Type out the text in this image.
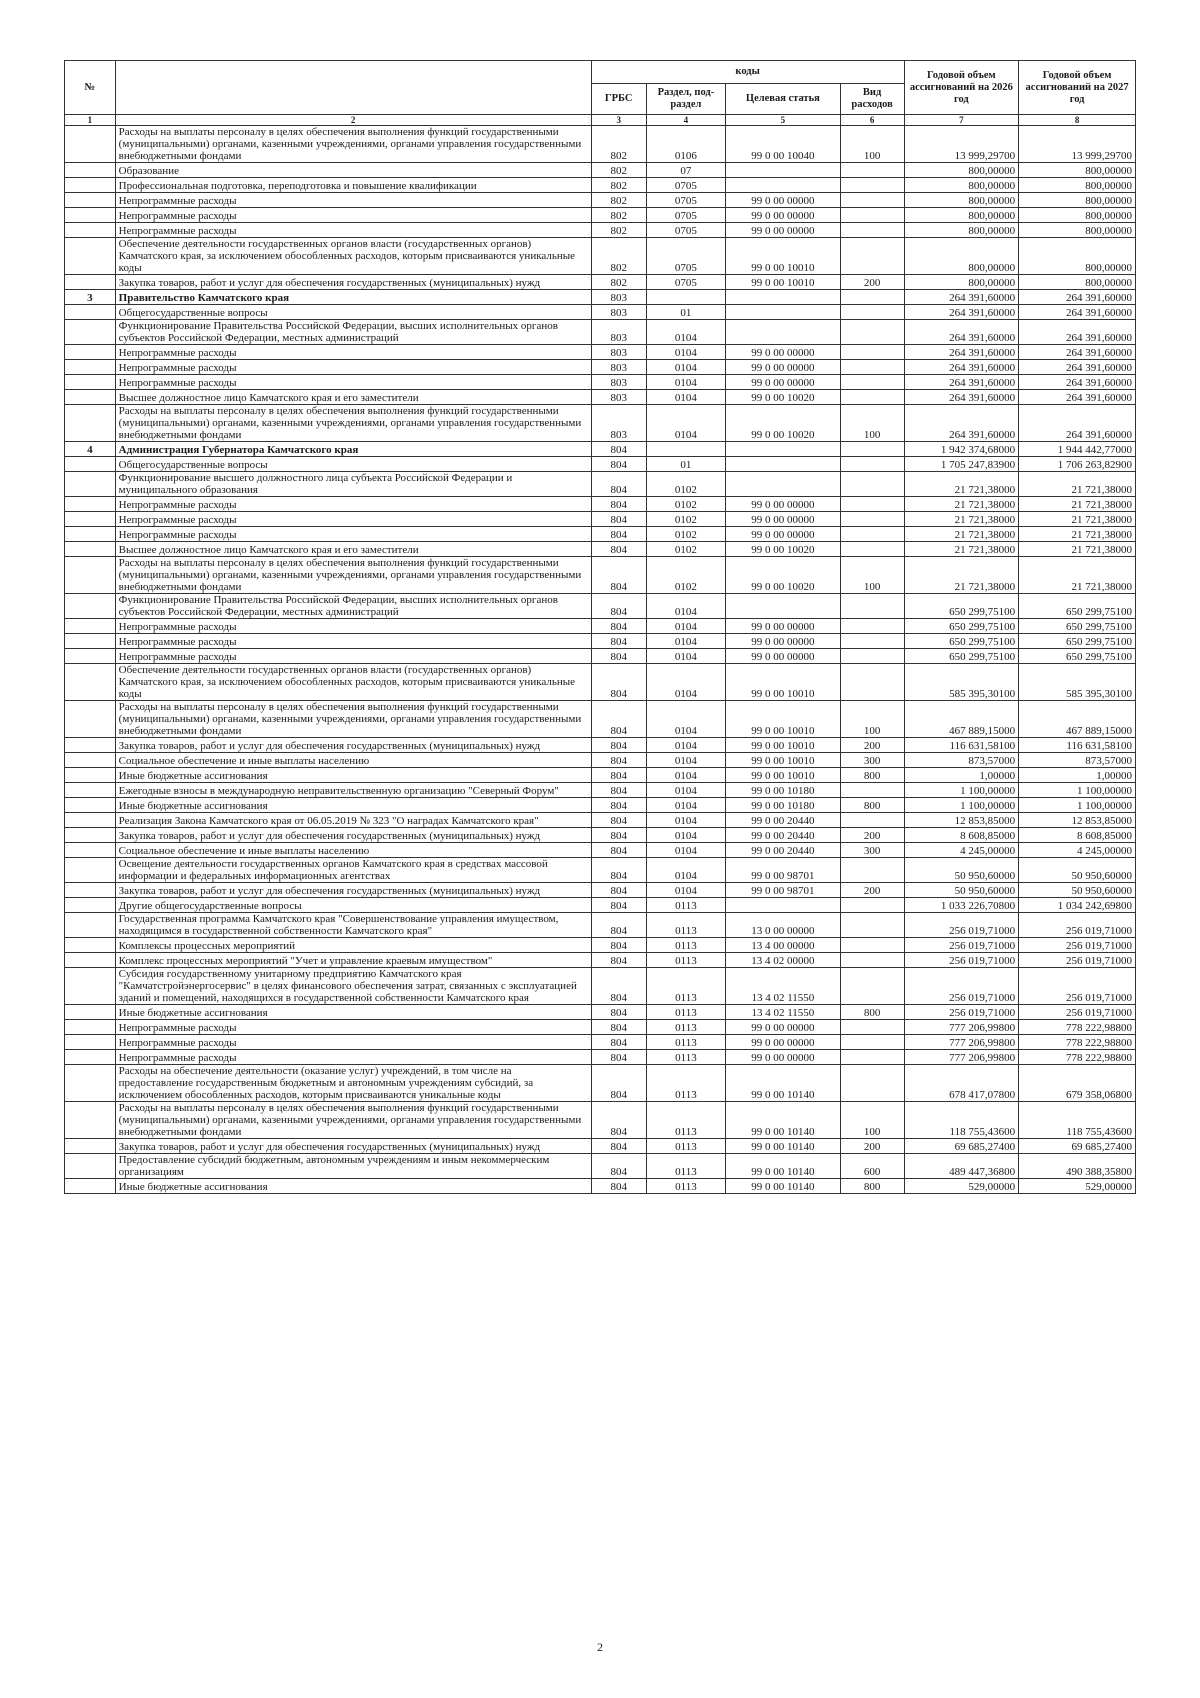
№		коды				Годовой объем ассигнований на 2026 год	Годовой объем ассигнований на 2027 год
		ГРБС	Раздел, под-раздел	Целевая статья	Вид расходов		
1	2	3	4	5	6	7	8
	Расходы на выплаты персоналу в целях обеспечения выполнения функций государственными (муниципальными) органами, казенными учреждениями, органами управления государственными внебюджетными фондами	802	0106	99 0 00 10040	100	13 999,29700	13 999,29700
	Образование	802	07			800,00000	800,00000
	Профессиональная подготовка, переподготовка и повышение квалификации	802	0705			800,00000	800,00000
	Непрограммные расходы	802	0705	99 0 00 00000		800,00000	800,00000
	Непрограммные расходы	802	0705	99 0 00 00000		800,00000	800,00000
	Непрограммные расходы	802	0705	99 0 00 00000		800,00000	800,00000
	Обеспечение деятельности государственных органов власти (государственных органов) Камчатского края, за исключением обособленных расходов, которым присваиваются уникальные коды	802	0705	99 0 00 10010		800,00000	800,00000
	Закупка товаров, работ и услуг для обеспечения государственных (муниципальных) нужд	802	0705	99 0 00 10010	200	800,00000	800,00000
3	Правительство Камчатского края	803				264 391,60000	264 391,60000
	Общегосударственные вопросы	803	01			264 391,60000	264 391,60000
	Функционирование Правительства Российской Федерации, высших исполнительных органов субъектов Российской Федерации, местных администраций	803	0104			264 391,60000	264 391,60000
	Непрограммные расходы	803	0104	99 0 00 00000		264 391,60000	264 391,60000
	Непрограммные расходы	803	0104	99 0 00 00000		264 391,60000	264 391,60000
	Непрограммные расходы	803	0104	99 0 00 00000		264 391,60000	264 391,60000
	Высшее должностное лицо Камчатского края и его заместители	803	0104	99 0 00 10020		264 391,60000	264 391,60000
	Расходы на выплаты персоналу в целях обеспечения выполнения функций государственными (муниципальными) органами, казенными учреждениями, органами управления государственными внебюджетными фондами	803	0104	99 0 00 10020	100	264 391,60000	264 391,60000
4	Администрация Губернатора Камчатского края	804				1 942 374,68000	1 944 442,77000
	Общегосударственные вопросы	804	01			1 705 247,83900	1 706 263,82900
	Функционирование высшего должностного лица субъекта Российской Федерации и муниципального образования	804	0102			21 721,38000	21 721,38000
	Непрограммные расходы	804	0102	99 0 00 00000		21 721,38000	21 721,38000
	Непрограммные расходы	804	0102	99 0 00 00000		21 721,38000	21 721,38000
	Непрограммные расходы	804	0102	99 0 00 00000		21 721,38000	21 721,38000
	Высшее должностное лицо Камчатского края и его заместители	804	0102	99 0 00 10020		21 721,38000	21 721,38000
	Расходы на выплаты персоналу в целях обеспечения выполнения функций государственными (муниципальными) органами, казенными учреждениями, органами управления государственными внебюджетными фондами	804	0102	99 0 00 10020	100	21 721,38000	21 721,38000
	Функционирование Правительства Российской Федерации, высших исполнительных органов субъектов Российской Федерации, местных администраций	804	0104			650 299,75100	650 299,75100
	Непрограммные расходы	804	0104	99 0 00 00000		650 299,75100	650 299,75100
	Непрограммные расходы	804	0104	99 0 00 00000		650 299,75100	650 299,75100
	Непрограммные расходы	804	0104	99 0 00 00000		650 299,75100	650 299,75100
	Обеспечение деятельности государственных органов власти (государственных органов) Камчатского края, за исключением обособленных расходов, которым присваиваются уникальные коды	804	0104	99 0 00 10010		585 395,30100	585 395,30100
	Расходы на выплаты персоналу в целях обеспечения выполнения функций государственными (муниципальными) органами, казенными учреждениями, органами управления государственными внебюджетными фондами	804	0104	99 0 00 10010	100	467 889,15000	467 889,15000
	Закупка товаров, работ и услуг для обеспечения государственных (муниципальных) нужд	804	0104	99 0 00 10010	200	116 631,58100	116 631,58100
	Социальное обеспечение и иные выплаты населению	804	0104	99 0 00 10010	300	873,57000	873,57000
	Иные бюджетные ассигнования	804	0104	99 0 00 10010	800	1,00000	1,00000
	Ежегодные взносы в международную неправительственную организацию "Северный Форум"	804	0104	99 0 00 10180		1 100,00000	1 100,00000
	Иные бюджетные ассигнования	804	0104	99 0 00 10180	800	1 100,00000	1 100,00000
	Реализация Закона Камчатского края от 06.05.2019 № 323 "О наградах Камчатского края"	804	0104	99 0 00 20440		12 853,85000	12 853,85000
	Закупка товаров, работ и услуг для обеспечения государственных (муниципальных) нужд	804	0104	99 0 00 20440	200	8 608,85000	8 608,85000
	Социальное обеспечение и иные выплаты населению	804	0104	99 0 00 20440	300	4 245,00000	4 245,00000
	Освещение деятельности государственных органов Камчатского края в средствах массовой информации и федеральных информационных агентствах	804	0104	99 0 00 98701		50 950,60000	50 950,60000
	Закупка товаров, работ и услуг для обеспечения государственных (муниципальных) нужд	804	0104	99 0 00 98701	200	50 950,60000	50 950,60000
	Другие общегосударственные вопросы	804	0113			1 033 226,70800	1 034 242,69800
	Государственная программа Камчатского края "Совершенствование управления имуществом, находящимся в государственной собственности Камчатского края"	804	0113	13 0 00 00000		256 019,71000	256 019,71000
	Комплексы процессных мероприятий	804	0113	13 4 00 00000		256 019,71000	256 019,71000
	Комплекс процессных мероприятий "Учет и управление краевым имуществом"	804	0113	13 4 02 00000		256 019,71000	256 019,71000
	Субсидия государственному унитарному предприятию Камчатского края "Камчатстройэнергосервис" в целях финансового обеспечения затрат, связанных с эксплуатацией зданий и помещений, находящихся в государственной собственности Камчатского края	804	0113	13 4 02 11550		256 019,71000	256 019,71000
	Иные бюджетные ассигнования	804	0113	13 4 02 11550	800	256 019,71000	256 019,71000
	Непрограммные расходы	804	0113	99 0 00 00000		777 206,99800	778 222,98800
	Непрограммные расходы	804	0113	99 0 00 00000		777 206,99800	778 222,98800
	Непрограммные расходы	804	0113	99 0 00 00000		777 206,99800	778 222,98800
	Расходы на обеспечение деятельности (оказание услуг) учреждений, в том числе на предоставление государственным бюджетным и автономным учреждениям субсидий, за исключением обособленных расходов, которым присваиваются уникальные коды	804	0113	99 0 00 10140		678 417,07800	679 358,06800
	Расходы на выплаты персоналу в целях обеспечения выполнения функций государственными (муниципальными) органами, казенными учреждениями, органами управления государственными внебюджетными фондами	804	0113	99 0 00 10140	100	118 755,43600	118 755,43600
	Закупка товаров, работ и услуг для обеспечения государственных (муниципальных) нужд	804	0113	99 0 00 10140	200	69 685,27400	69 685,27400
	Предоставление субсидий бюджетным, автономным учреждениям и иным некоммерческим организациям	804	0113	99 0 00 10140	600	489 447,36800	490 388,35800
	Иные бюджетные ассигнования	804	0113	99 0 00 10140	800	529,00000	529,00000
2
